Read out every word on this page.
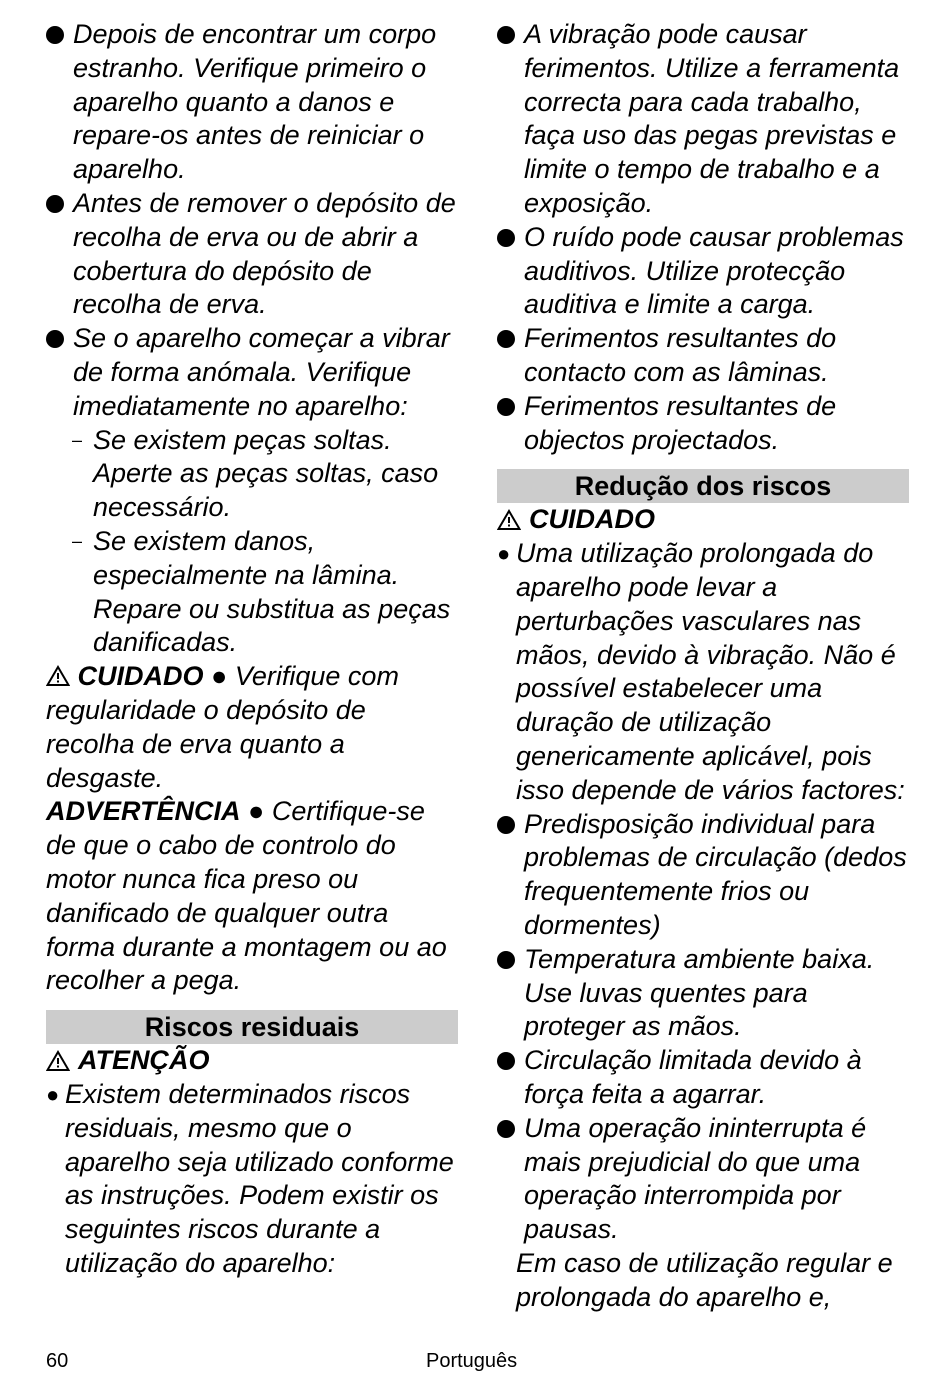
Depois de encontrar um corpo estranho. Verifique primeiro o aparelho quanto a danos e repare-os antes de reiniciar o aparelho.
Antes de remover o depósito de recolha de erva ou de abrir a cobertura do depósito de recolha de erva.
Se o aparelho começar a vibrar de forma anómala. Verifique imediatamente no aparelho:
– Se existem peças soltas. Aperte as peças soltas, caso necessário.
– Se existem danos, especialmente na lâmina. Repare ou substitua as peças danificadas.
CUIDADO ● Verifique com regularidade o depósito de recolha de erva quanto a desgaste.
ADVERTÊNCIA ● Certifique-se de que o cabo de controlo do motor nunca fica preso ou danificado de qualquer outra forma durante a montagem ou ao recolher a pega.
Riscos residuais
ATENÇÃO
● Existem determinados riscos residuais, mesmo que o aparelho seja utilizado conforme as instruções. Podem existir os seguintes riscos durante a utilização do aparelho:
A vibração pode causar ferimentos. Utilize a ferramenta correcta para cada trabalho, faça uso das pegas previstas e limite o tempo de trabalho e a exposição.
O ruído pode causar problemas auditivos. Utilize protecção auditiva e limite a carga.
Ferimentos resultantes do contacto com as lâminas.
Ferimentos resultantes de objectos projectados.
Redução dos riscos
CUIDADO
● Uma utilização prolongada do aparelho pode levar a perturbações vasculares nas mãos, devido à vibração. Não é possível estabelecer uma duração de utilização genericamente aplicável, pois isso depende de vários factores:
Predisposição individual para problemas de circulação (dedos frequentemente frios ou dormentes)
Temperatura ambiente baixa. Use luvas quentes para proteger as mãos.
Circulação limitada devido à força feita a agarrar.
Uma operação ininterrupta é mais prejudicial do que uma operação interrompida por pausas.
Em caso de utilização regular e prolongada do aparelho e,
60	Português
